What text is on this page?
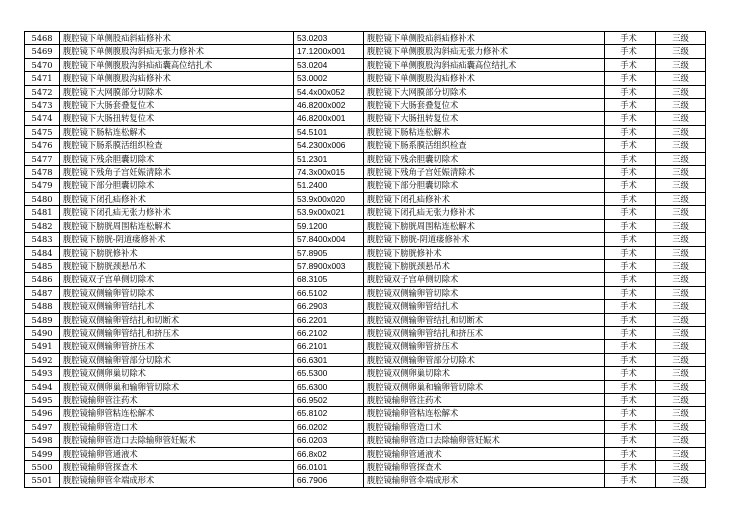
5468	腹腔镜下单侧股疝斜疝修补术	53.0203	腹腔镜下单侧股疝斜疝修补术	手术	三级
5469	腹腔镜下单侧腹股沟斜疝无张力修补术	17.1200x001	腹腔镜下单侧腹股沟斜疝无张力修补术	手术	三级
5470	腹腔镜下单侧腹股沟斜疝疝囊高位结扎术	53.0204	腹腔镜下单侧腹股沟斜疝疝囊高位结扎术	手术	三级
5471	腹腔镜下单侧腹股沟疝修补术	53.0002	腹腔镜下单侧腹股沟疝修补术	手术	三级
5472	腹腔镜下大网膜部分切除术	54.4x00x052	腹腔镜下大网膜部分切除术	手术	三级
5473	腹腔镜下大肠套叠复位术	46.8200x002	腹腔镜下大肠套叠复位术	手术	三级
5474	腹腔镜下大肠扭转复位术	46.8200x001	腹腔镜下大肠扭转复位术	手术	三级
5475	腹腔镜下肠粘连松解术	54.5101	腹腔镜下肠粘连松解术	手术	三级
5476	腹腔镜下肠系膜活组织检查	54.2300x006	腹腔镜下肠系膜活组织检查	手术	三级
5477	腹腔镜下残余胆囊切除术	51.2301	腹腔镜下残余胆囊切除术	手术	三级
5478	腹腔镜下残角子宫妊娠清除术	74.3x00x015	腹腔镜下残角子宫妊娠清除术	手术	三级
5479	腹腔镜下部分胆囊切除术	51.2400	腹腔镜下部分胆囊切除术	手术	三级
5480	腹腔镜下闭孔疝修补术	53.9x00x020	腹腔镜下闭孔疝修补术	手术	三级
5481	腹腔镜下闭孔疝无张力修补术	53.9x00x021	腹腔镜下闭孔疝无张力修补术	手术	三级
5482	腹腔镜下膀胱周围粘连松解术	59.1200	腹腔镜下膀胱周围粘连松解术	手术	三级
5483	腹腔镜下膀胱-阴道瘘修补术	57.8400x004	腹腔镜下膀胱-阴道瘘修补术	手术	三级
5484	腹腔镜下膀胱修补术	57.8905	腹腔镜下膀胱修补术	手术	三级
5485	腹腔镜下膀胱颈悬吊术	57.8900x003	腹腔镜下膀胱颈悬吊术	手术	三级
5486	腹腔镜双子宫单侧切除术	68.3105	腹腔镜双子宫单侧切除术	手术	三级
5487	腹腔镜双侧输卵管切除术	66.5102	腹腔镜双侧输卵管切除术	手术	三级
5488	腹腔镜双侧输卵管结扎术	66.2903	腹腔镜双侧输卵管结扎术	手术	三级
5489	腹腔镜双侧输卵管结扎和切断术	66.2201	腹腔镜双侧输卵管结扎和切断术	手术	三级
5490	腹腔镜双侧输卵管结扎和挤压术	66.2102	腹腔镜双侧输卵管结扎和挤压术	手术	三级
5491	腹腔镜双侧输卵管挤压术	66.2101	腹腔镜双侧输卵管挤压术	手术	三级
5492	腹腔镜双侧输卵管部分切除术	66.6301	腹腔镜双侧输卵管部分切除术	手术	三级
5493	腹腔镜双侧卵巢切除术	65.5300	腹腔镜双侧卵巢切除术	手术	三级
5494	腹腔镜双侧卵巢和输卵管切除术	65.6300	腹腔镜双侧卵巢和输卵管切除术	手术	三级
5495	腹腔镜输卵管注药术	66.9502	腹腔镜输卵管注药术	手术	三级
5496	腹腔镜输卵管粘连松解术	65.8102	腹腔镜输卵管粘连松解术	手术	三级
5497	腹腔镜输卵管造口术	66.0202	腹腔镜输卵管造口术	手术	三级
5498	腹腔镜输卵管造口去除输卵管妊娠术	66.0203	腹腔镜输卵管造口去除输卵管妊娠术	手术	三级
5499	腹腔镜输卵管通液术	66.8x02	腹腔镜输卵管通液术	手术	三级
5500	腹腔镜输卵管探查术	66.0101	腹腔镜输卵管探查术	手术	三级
5501	腹腔镜输卵管伞端成形术	66.7906	腹腔镜输卵管伞端成形术	手术	三级
